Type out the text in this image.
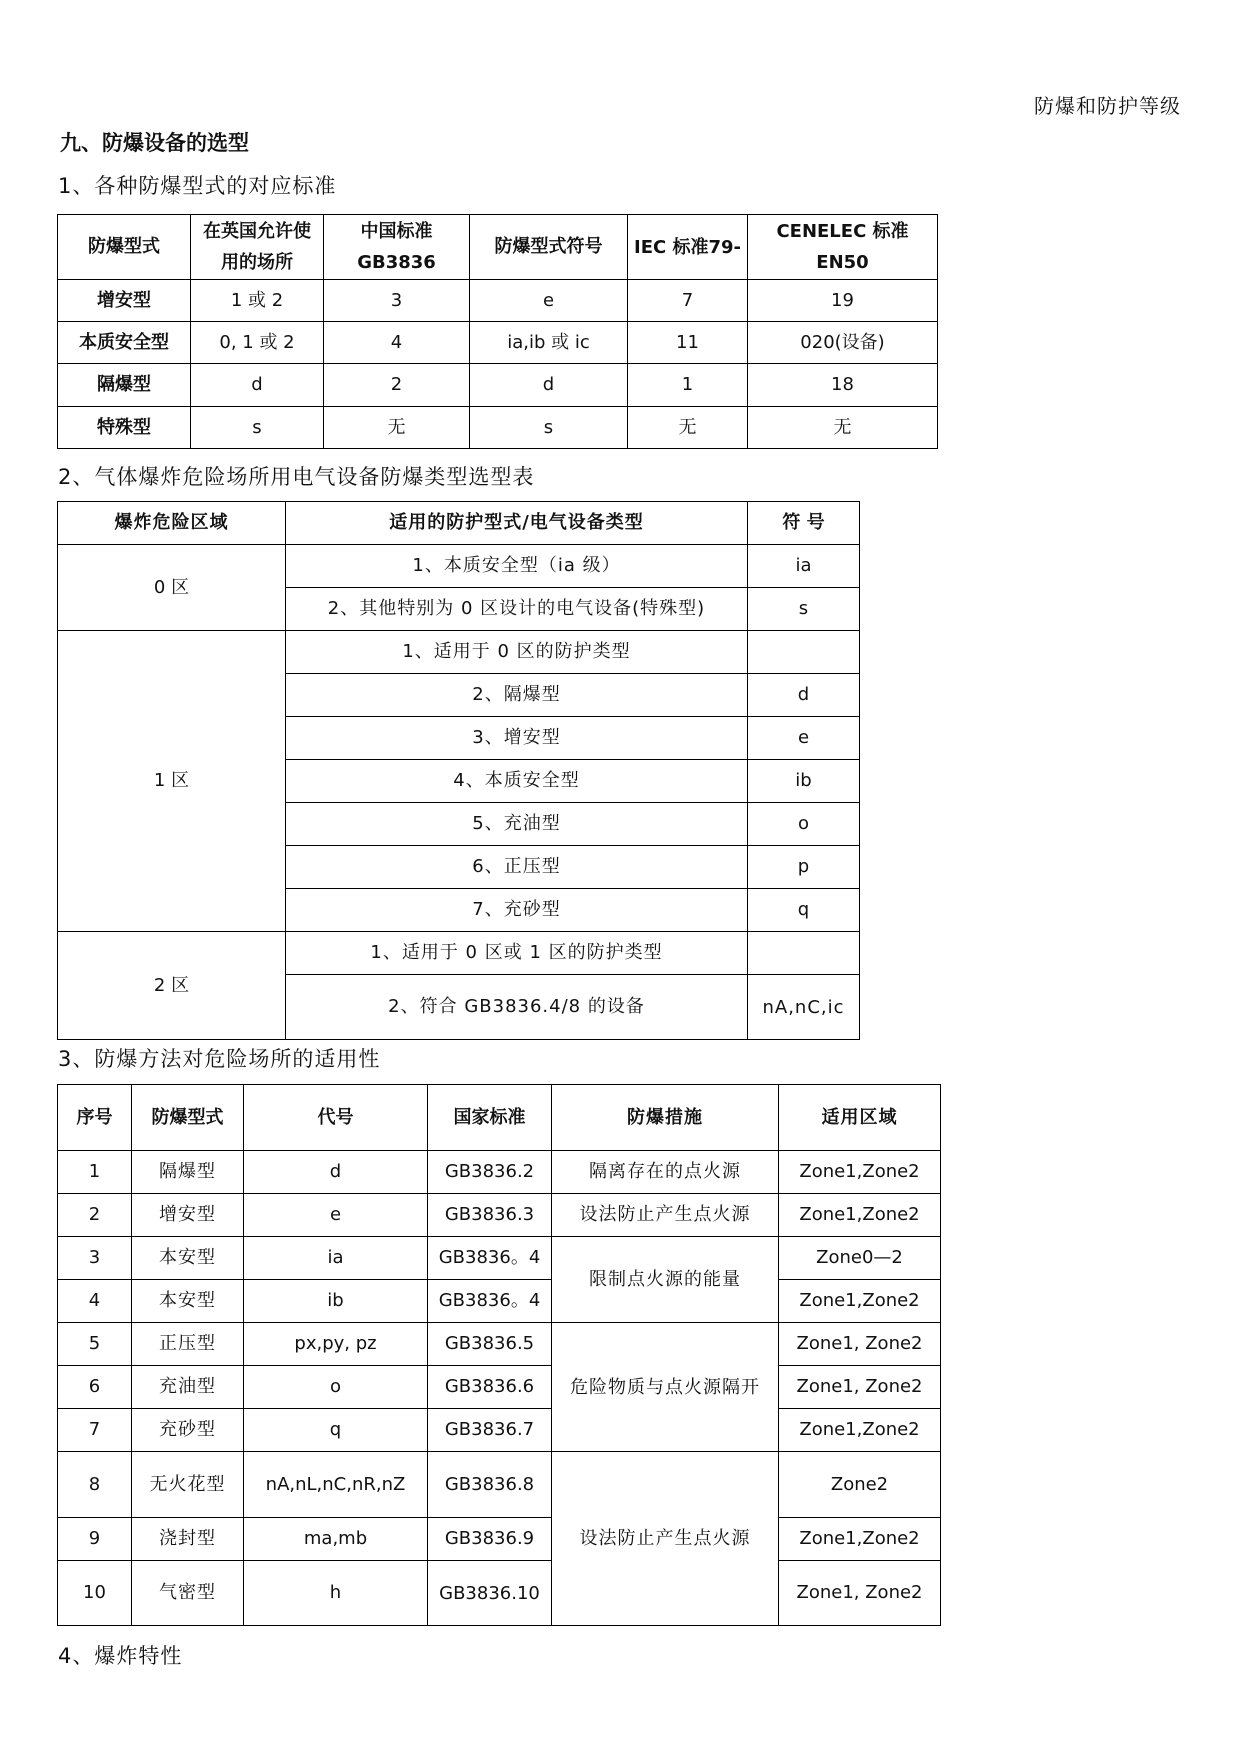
防爆和防护等级
九、防爆设备的选型
1、各种防爆型式的对应标准
防爆型式	在英国允许使用的场所	中国标准GB3836	防爆型式符号	IEC 标准79-	CENELEC 标准EN50
增安型	1 或 2	3	e	7	19
本质安全型	0, 1 或 2	4	ia,ib 或 ic	11	020(设备)
隔爆型	d	2	d	1	18
特殊型	s	无	s	无	无
2、气体爆炸危险场所用电气设备防爆类型选型表
爆炸危险区域	适用的防护型式/电气设备类型	符 号
0 区	1、本质安全型（ia 级）	ia
	2、其他特别为 0 区设计的电气设备(特殊型)	s
1 区	1、适用于 0 区的防护类型	
	2、隔爆型	d
	3、增安型	e
	4、本质安全型	ib
	5、充油型	o
	6、正压型	p
	7、充砂型	q
2 区	1、适用于 0 区或 1 区的防护类型	
	2、符合 GB3836.4/8 的设备	nA,nC,ic
3、防爆方法对危险场所的适用性
序号	防爆型式	代号	国家标准	防爆措施	适用区域
1	隔爆型	d	GB3836.2	隔离存在的点火源	Zone1,Zone2
2	增安型	e	GB3836.3	设法防止产生点火源	Zone1,Zone2
3	本安型	ia	GB3836。4	限制点火源的能量	Zone0—2
4	本安型	ib	GB3836。4		Zone1,Zone2
5	正压型	px,py, pz	GB3836.5	危险物质与点火源隔开	Zone1, Zone2
6	充油型	o	GB3836.6		Zone1, Zone2
7	充砂型	q	GB3836.7		Zone1,Zone2
8	无火花型	nA,nL,nC,nR,nZ	GB3836.8	设法防止产生点火源	Zone2
9	浇封型	ma,mb	GB3836.9		Zone1,Zone2
10	气密型	h	GB3836.10		Zone1, Zone2
4、爆炸特性
